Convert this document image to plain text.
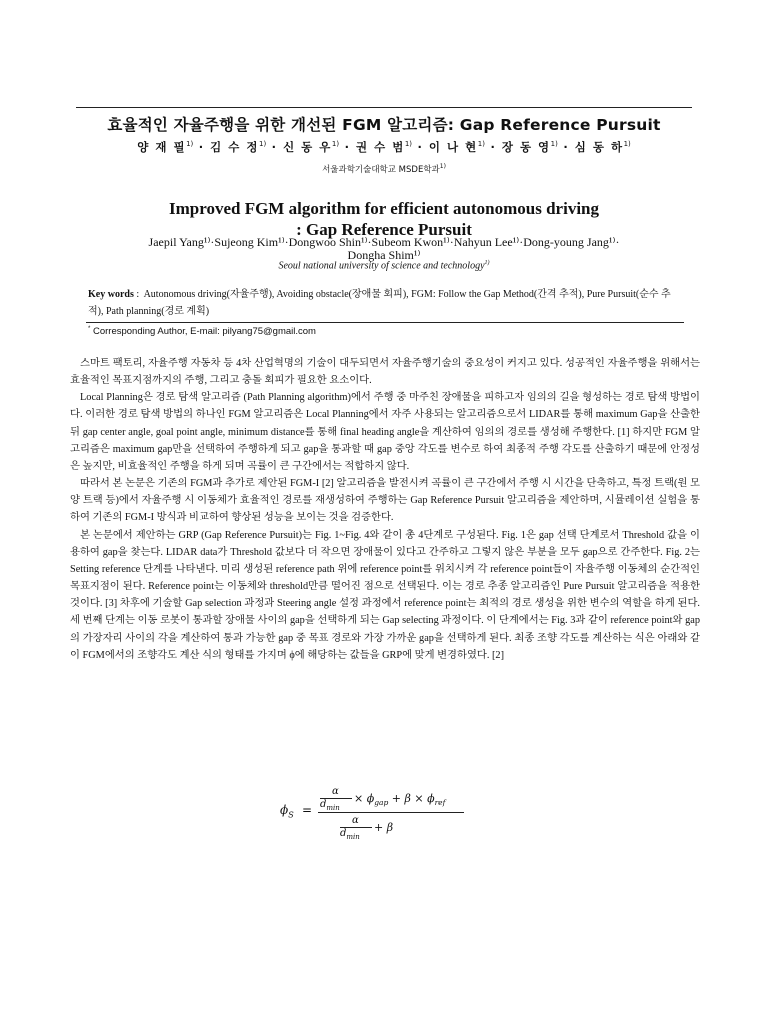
효율적인 자율주행을 위한 개선된 FGM 알고리즘: Gap Reference Pursuit
양 재 필$^{1)}$ · 김 수 정$^{1)}$ · 신 동 우$^{1)}$ · 권 수 범$^{1)}$ · 이 나 현$^{1)}$ · 장 동 영$^{1)}$ · 심 동 하$^{1)}$
서울과학기술대학교 MSDE학과$^{1)}$
Improved FGM algorithm for efficient autonomous driving
: Gap Reference Pursuit
Jaepil Yang¹⁾·Sujeong Kim¹⁾·Dongwoo Shin¹⁾·Subeom Kwon¹⁾·Nahyun Lee¹⁾·Dong-young Jang¹⁾·
Dongha Shim¹⁾
Seoul national university of science and technology$^{1)}$
Key words :  Autonomous driving(자율주행), Avoiding obstacle(장애물 회피), FGM: Follow the Gap Method(간격 추적), Pure Pursuit(순수 추적), Path planning(경로 계획)
* Corresponding Author, E-mail: pilyang75@gmail.com

스마트 팩토리, 자율주행 자동차 등 4차 산업혁명의 기술이 대두되면서 자율주행기술의 중요성이 커지고 있다. 성공적인 자율주행을 위해서는 효율적인 목표지점까지의 주행, 그리고 충돌 회피가 필요한 요소이다.

Local Planning은 경로 탐색 알고리즘 (Path Planning algorithm)에서 주행 중 마주친 장애물을 피하고자 임의의 길을 형성하는 경로 탐색 방법이다. 이러한 경로 탐색 방법의 하나인 FGM 알고리즘은 Local Planning에서 자주 사용되는 알고리즘으로서 LIDAR를 통해 maximum Gap을 산출한 뒤 gap center angle, goal point angle, minimum distance를 통해 final heading angle을 계산하여 임의의 경로를 생성해 주행한다. [1] 하지만 FGM 알고리즘은 maximum gap만을 선택하여 주행하게 되고 gap을 통과할 때 gap 중앙 각도를 변수로 하여 최종적 주행 각도를 산출하기 때문에 안정성은 높지만, 비효율적인 주행을 하게 되며 곡률이 큰 구간에서는 적합하지 않다.

따라서 본 논문은 기존의 FGM과 추가로 제안된 FGM-I [2] 알고리즘을 발전시켜 곡률이 큰 구간에서 주행 시 시간을 단축하고, 특정 트랙(원 모양 트랙 등)에서 자율주행 시 이동체가 효율적인 경로를 재생성하여 주행하는 Gap Reference Pursuit 알고리즘을 제안하며, 시뮬레이션 실험을 통하여 기존의 FGM-I 방식과 비교하여 향상된 성능을 보이는 것을 검증한다.

본 논문에서 제안하는 GRP (Gap Reference Pursuit)는 Fig. 1~Fig. 4와 같이 총 4단계로 구성된다. Fig. 1은 gap 선택 단계로서 Threshold 값을 이용하여 gap을 찾는다. LIDAR data가 Threshold 값보다 더 작으면 장애물이 있다고 간주하고 그렇지 않은 부분을 모두 gap으로 간주한다. Fig. 2는 Setting reference 단계를 나타낸다. 미리 생성된 reference path 위에 reference point를 위치시켜 각 reference point들이 자율주행 이동체의 순간적인 목표지점이 된다. Reference point는 이동체와 threshold만큼 떨어진 점으로 선택된다. 이는 경로 추종 알고리즘인 Pure Pursuit 알고리즘을 적용한 것이다. [3] 차후에 기술할 Gap selection 과정과 Steering angle 설정 과정에서 reference point는 최적의 경로 생성을 위한 변수의 역할을 하게 된다. 세 번째 단계는 이동 로봇이 통과할 장애물 사이의 gap을 선택하게 되는 Gap selecting 과정이다. 이 단계에서는 Fig. 3과 같이 reference point와 gap의 가장자리 사이의 각을 계산하여 통과 가능한 gap 중 목표 경로와 가장 가까운 gap을 선택하게 된다. 최종 조향 각도를 계산하는 식은 아래와 같이 FGM에서의 조향각도 계산 식의 형태를 가지며 ϕ에 해당하는 값들을 GRP에 맞게 변경하였다. [2]

$\phi_S$ =
α
$d_{min}$
× $\phi_{gap} + \beta \times \phi_{ref}$
α
$d_{min}$
+ β
